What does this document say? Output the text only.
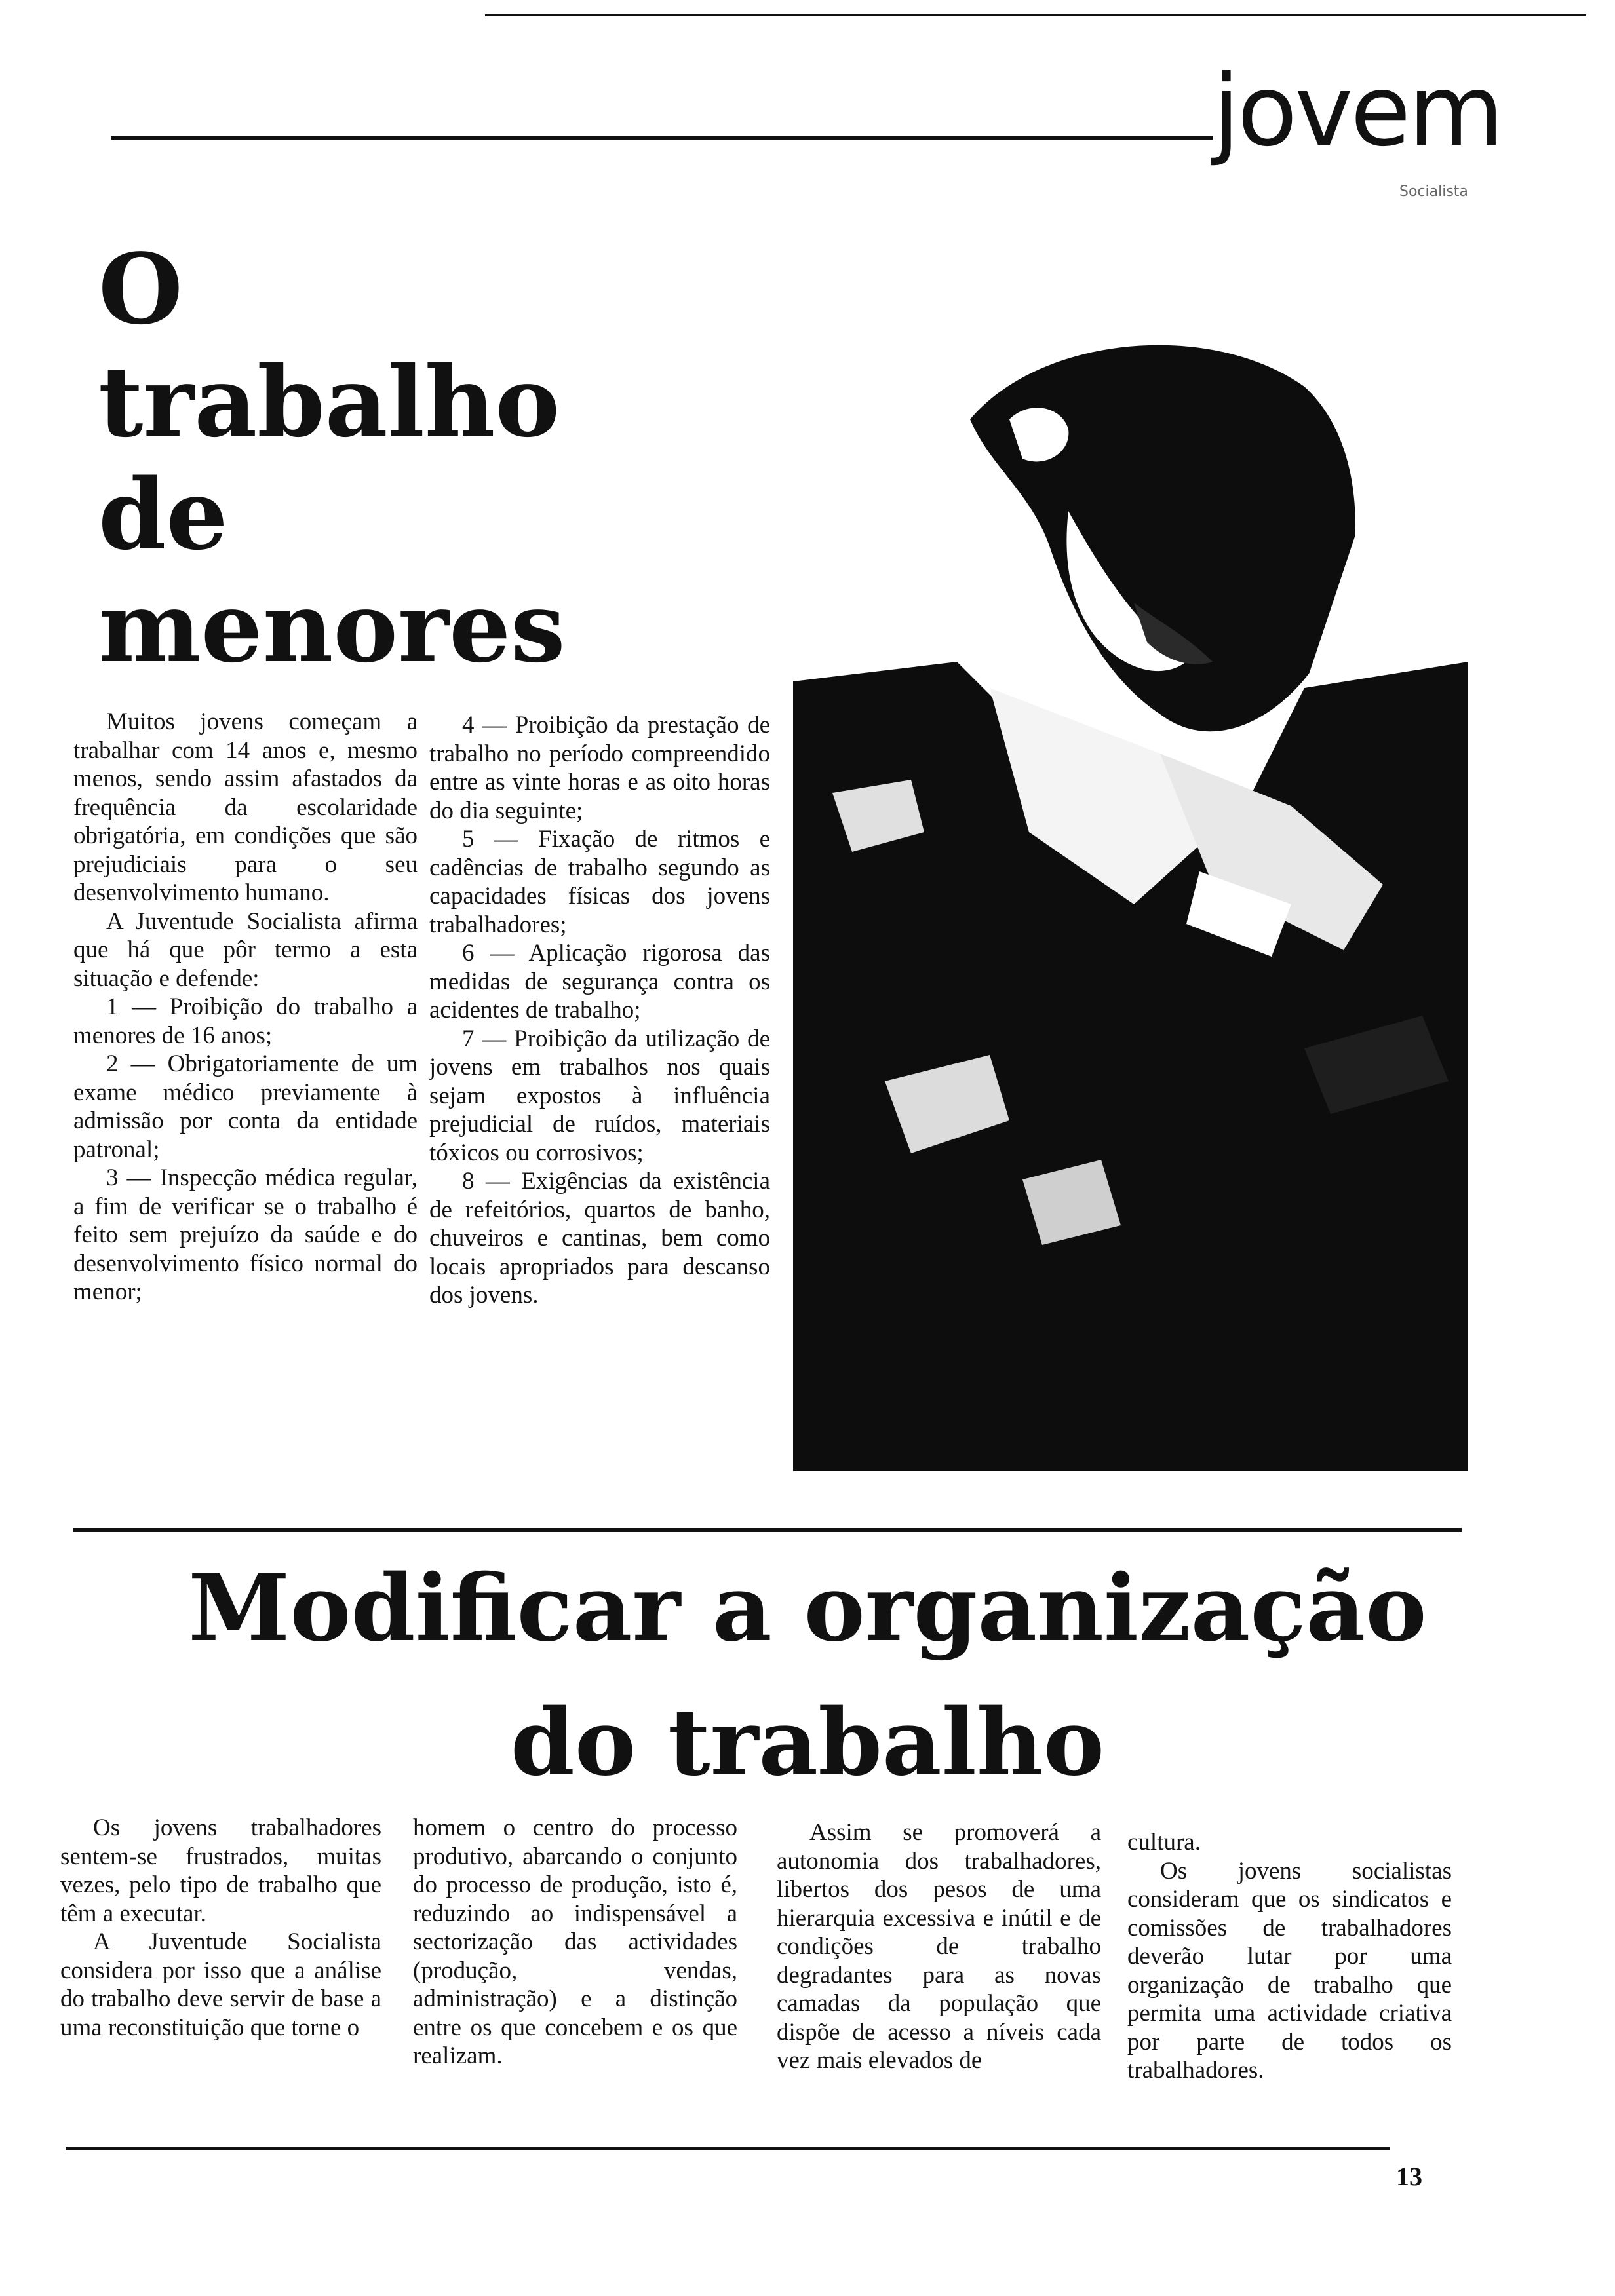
jovem
Socialista
O
trabalho
de
menores

Muitos jovens começam a trabalhar com 14 anos e, mesmo menos, sendo assim afastados da frequência da escolaridade obrigatória, em condições que são prejudiciais para o seu desenvolvimento humano.

A Juventude Socialista afirma que há que pôr termo a esta situação e defende:

1 — Proibição do trabalho a menores de 16 anos;

2 — Obrigatoriamente de um exame médico previamente à admissão por conta da entidade patronal;

3 — Inspecção médica regular, a fim de verificar se o trabalho é feito sem prejuízo da saúde e do desenvolvimento físico normal do menor;

4 — Proibição da prestação de trabalho no período compreendido entre as vinte horas e as oito horas do dia seguinte;

5 — Fixação de ritmos e cadências de trabalho segundo as capacidades físicas dos jovens trabalhadores;

6 — Aplicação rigorosa das medidas de segurança contra os acidentes de trabalho;

7 — Proibição da utilização de jovens em trabalhos nos quais sejam expostos à influência prejudicial de ruídos, materiais tóxicos ou corrosivos;

8 — Exigências da existência de refeitórios, quartos de banho, chuveiros e cantinas, bem como locais apropriados para descanso dos jovens.

Modificar a organização
do trabalho

Os jovens trabalhadores sentem-se frustrados, muitas vezes, pelo tipo de trabalho que têm a executar.

A Juventude Socialista considera por isso que a análise do trabalho deve servir de base a uma reconstituição que torne o

homem o centro do processo produtivo, abarcando o conjunto do processo de produção, isto é, reduzindo ao indispensável a sectorização das actividades (produção, vendas, administração) e a distinção entre os que concebem e os que realizam.

Assim se promoverá a autonomia dos trabalhadores, libertos dos pesos de uma hierarquia excessiva e inútil e de condições de trabalho degradantes para as novas camadas da população que dispõe de acesso a níveis cada vez mais elevados de

cultura.

Os jovens socialistas consideram que os sindicatos e comissões de trabalhadores deverão lutar por uma organização de trabalho que permita uma actividade criativa por parte de todos os trabalhadores.

13
